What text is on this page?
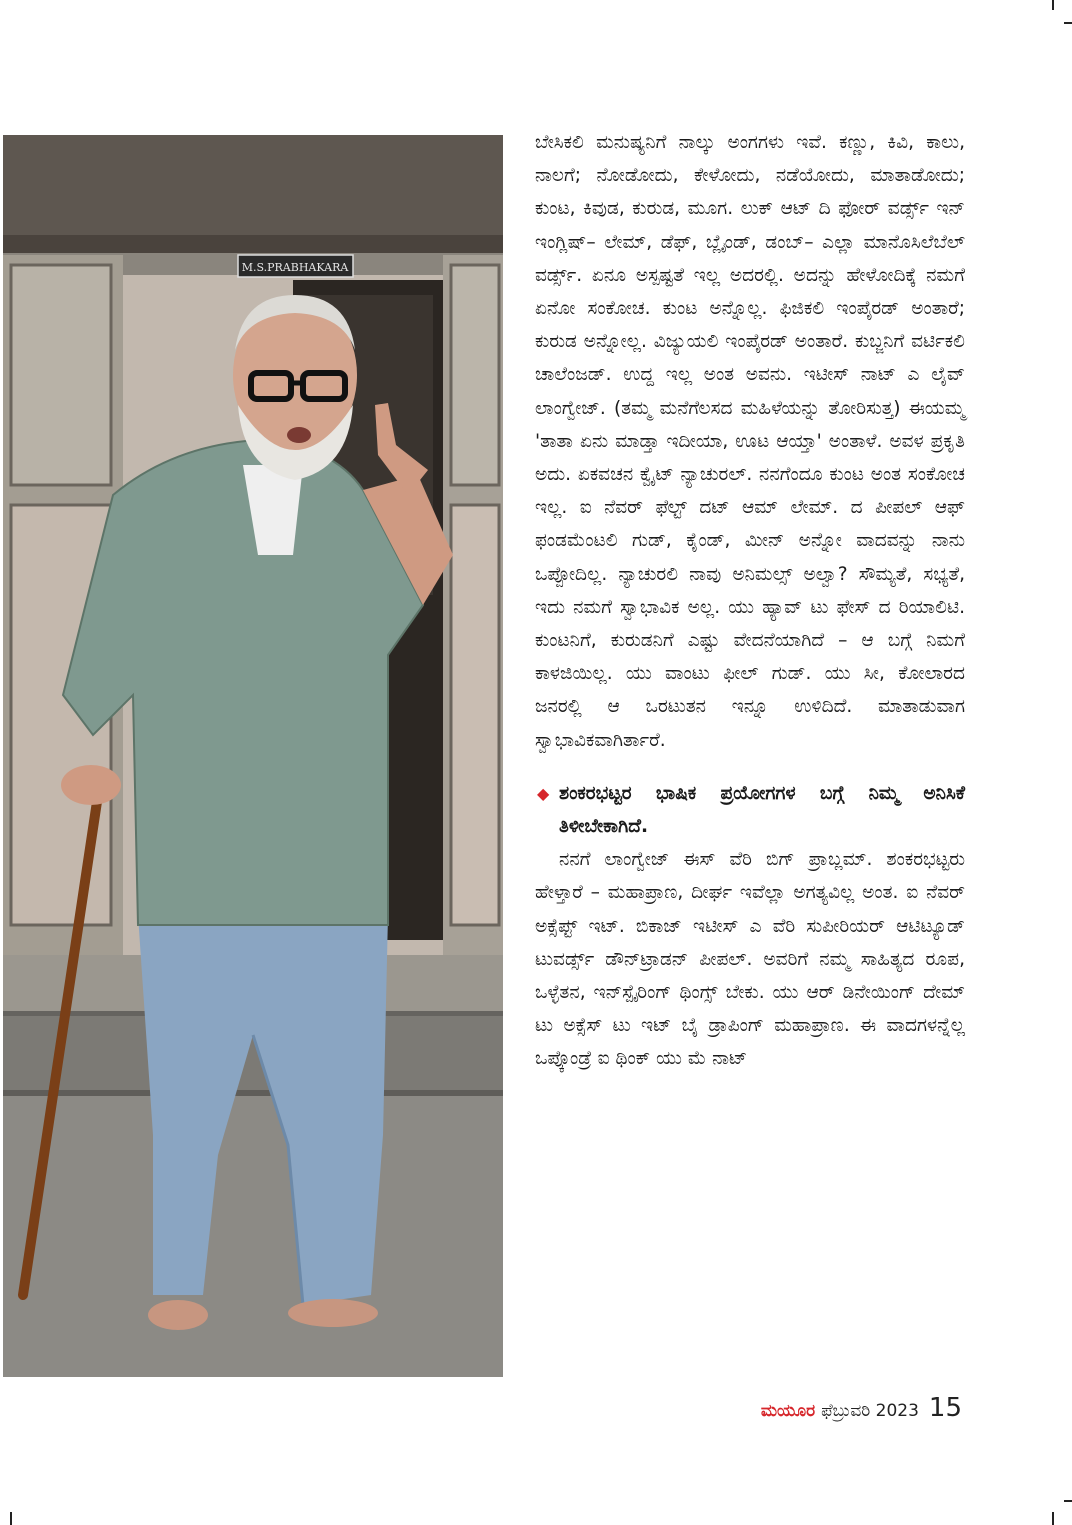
M.S.PRABHAKARA

ಬೇಸಿಕಲಿ ಮನುಷ್ಯನಿಗೆ ನಾಲ್ಕು ಅಂಗಗಳು ಇವೆ. ಕಣ್ಣು, ಕಿವಿ, ಕಾಲು, ನಾಲಗೆ; ನೋಡೋದು, ಕೇಳೋದು, ನಡೆಯೋದು, ಮಾತಾಡೋದು; ಕುಂಟ, ಕಿವುಡ, ಕುರುಡ, ಮೂಗ. ಲುಕ್ ಆಟ್ ದಿ ಫೋರ್ ವರ್ಡ್ಸ್ ಇನ್ ಇಂಗ್ಲಿಷ್– ಲೇಮ್, ಡೆಫ್, ಬ್ಲೈಂಡ್, ಡಂಬ್– ಎಲ್ಲಾ ಮಾನೊಸಿಲೆಬೆಲ್ ವರ್ಡ್ಸ್. ಏನೂ ಅಸ್ಪಷ್ಟತೆ ಇಲ್ಲ ಅದರಲ್ಲಿ. ಅದನ್ನು ಹೇಳೋದಿಕ್ಕೆ ನಮಗೆ ಏನೋ ಸಂಕೋಚ. ಕುಂಟ ಅನ್ನೊಲ್ಲ. ಫಿಜಿಕಲಿ ಇಂಪೈರಡ್ ಅಂತಾರೆ; ಕುರುಡ ಅನ್ನೋಲ್ಲ. ವಿಜ್ಯುಯಲಿ ಇಂಪೈರಡ್ ಅಂತಾರೆ. ಕುಬ್ಜನಿಗೆ ವರ್ಟಿಕಲಿ ಚಾಲೆಂಜಡ್. ಉದ್ದ ಇಲ್ಲ ಅಂತ ಅವನು. ಇಟೀಸ್ ನಾಟ್ ಎ ಲೈವ್ ಲಾಂಗ್ವೇಜ್. (ತಮ್ಮ ಮನೆಗೆಲಸದ ಮಹಿಳೆಯನ್ನು ತೋರಿಸುತ್ತ) ಈಯಮ್ಮ 'ತಾತಾ ಏನು ಮಾಡ್ತಾ ಇದೀಯಾ, ಊಟ ಆಯ್ತಾ' ಅಂತಾಳೆ. ಅವಳ ಪ್ರಕೃತಿ ಅದು. ಏಕವಚನ ಕ್ವೈಟ್ ನ್ಯಾಚುರಲ್. ನನಗೆಂದೂ ಕುಂಟ ಅಂತ ಸಂಕೋಚ ಇಲ್ಲ. ಐ ನೆವರ್ ಫೆಲ್ಟ್ ದಟ್ ಆಮ್ ಲೇಮ್. ದ ಪೀಪಲ್ ಆಫ್ ಫಂಡಮೆಂಟಲಿ ಗುಡ್, ಕೈಂಡ್, ಮೀನ್ ಅನ್ನೋ ವಾದವನ್ನು ನಾನು ಒಪ್ಪೋದಿಲ್ಲ. ನ್ಯಾಚುರಲಿ ನಾವು ಅನಿಮಲ್ಸ್ ಅಲ್ವಾ? ಸೌಮ್ಯತೆ, ಸಭ್ಯತೆ, ಇದು ನಮಗೆ ಸ್ವಾಭಾವಿಕ ಅಲ್ಲ. ಯು ಹ್ಯಾವ್ ಟು ಫೇಸ್ ದ ರಿಯಾಲಿಟಿ. ಕುಂಟನಿಗೆ, ಕುರುಡನಿಗೆ ಎಷ್ಟು ವೇದನೆಯಾಗಿದೆ – ಆ ಬಗ್ಗೆ ನಿಮಗೆ ಕಾಳಜಿಯಿಲ್ಲ. ಯು ವಾಂಟು ಫೀಲ್ ಗುಡ್. ಯು ಸೀ, ಕೋಲಾರದ ಜನರಲ್ಲಿ ಆ ಒರಟುತನ ಇನ್ನೂ ಉಳಿದಿದೆ. ಮಾತಾಡುವಾಗ ಸ್ವಾಭಾವಿಕವಾಗಿರ್ತಾರೆ.

◆ ಶಂಕರಭಟ್ಟರ ಭಾಷಿಕ ಪ್ರಯೋಗಗಳ ಬಗ್ಗೆ ನಿಮ್ಮ ಅನಿಸಿಕೆ ತಿಳೀಬೇಕಾಗಿದೆ.

ನನಗೆ ಲಾಂಗ್ವೇಜ್ ಈಸ್ ವೆರಿ ಬಿಗ್ ಪ್ರಾಬ್ಲಮ್. ಶಂಕರಭಟ್ಟರು ಹೇಳ್ತಾರೆ – ಮಹಾಪ್ರಾಣ, ದೀರ್ಘ ಇವೆಲ್ಲಾ ಅಗತ್ಯವಿಲ್ಲ ಅಂತ. ಐ ನೆವರ್ ಅಕ್ಸೆಪ್ಟ್ ಇಟ್. ಬಿಕಾಜ್ ಇಟೀಸ್ ಎ ವೆರಿ ಸುಪೀರಿಯರ್ ಆಟಿಟ್ಯೂಡ್ ಟುವರ್ಡ್ಸ್ ಡೌನ್‌ಟ್ರಾಡನ್ ಪೀಪಲ್. ಅವರಿಗೆ ನಮ್ಮ ಸಾಹಿತ್ಯದ ರೂಪ, ಒಳ್ಳೆತನ, ಇನ್‌ಸ್ಪೈರಿಂಗ್ ಥಿಂಗ್ಸ್ ಬೇಕು. ಯು ಆರ್ ಡಿನೇಯಿಂಗ್ ದೇಮ್ ಟು ಅಕ್ಸೆಸ್ ಟು ಇಟ್ ಬೈ ಡ್ರಾಪಿಂಗ್ ಮಹಾಪ್ರಾಣ. ಈ ವಾದಗಳನ್ನೆಲ್ಲ ಒಪ್ಕೊಂಡ್ರೆ ಐ ಥಿಂಕ್ ಯು ಮೆ ನಾಟ್

ಮಯೂರ ಫೆಬ್ರುವರಿ 2023 15
